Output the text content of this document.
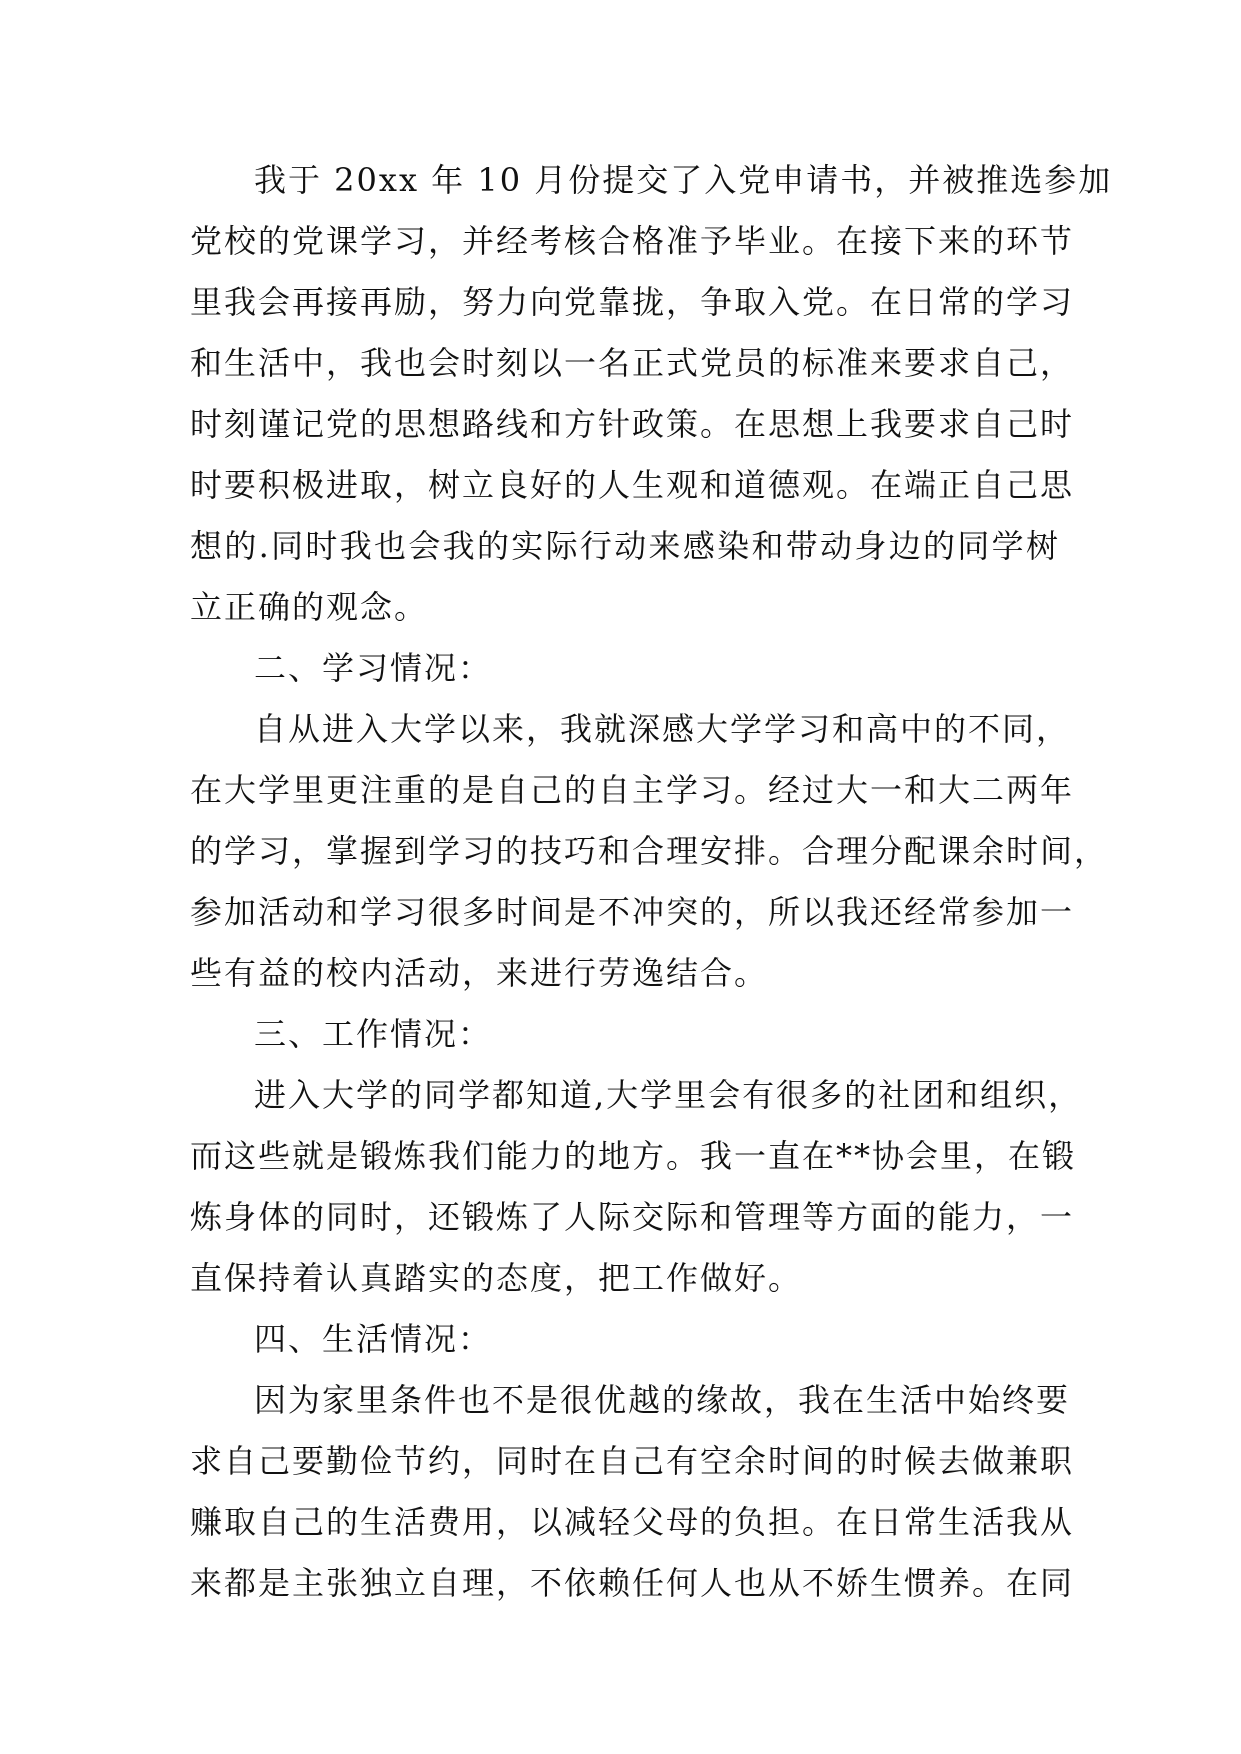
我于 20xx 年 10 月份提交了入党申请书，并被推选参加
党校的党课学习，并经考核合格准予毕业。在接下来的环节
里我会再接再励，努力向党靠拢，争取入党。在日常的学习
和生活中，我也会时刻以一名正式党员的标准来要求自己，
时刻谨记党的思想路线和方针政策。在思想上我要求自己时
时要积极进取，树立良好的人生观和道德观。在端正自己思
想的.同时我也会我的实际行动来感染和带动身边的同学树
立正确的观念。
二、学习情况：
自从进入大学以来，我就深感大学学习和高中的不同，
在大学里更注重的是自己的自主学习。经过大一和大二两年
的学习，掌握到学习的技巧和合理安排。合理分配课余时间，
参加活动和学习很多时间是不冲突的，所以我还经常参加一
些有益的校内活动，来进行劳逸结合。
三、工作情况：
进入大学的同学都知道,大学里会有很多的社团和组织，
而这些就是锻炼我们能力的地方。我一直在**协会里，在锻
炼身体的同时，还锻炼了人际交际和管理等方面的能力，一
直保持着认真踏实的态度，把工作做好。
四、生活情况：
因为家里条件也不是很优越的缘故，我在生活中始终要
求自己要勤俭节约，同时在自己有空余时间的时候去做兼职
赚取自己的生活费用，以减轻父母的负担。在日常生活我从
来都是主张独立自理，不依赖任何人也从不娇生惯养。在同
